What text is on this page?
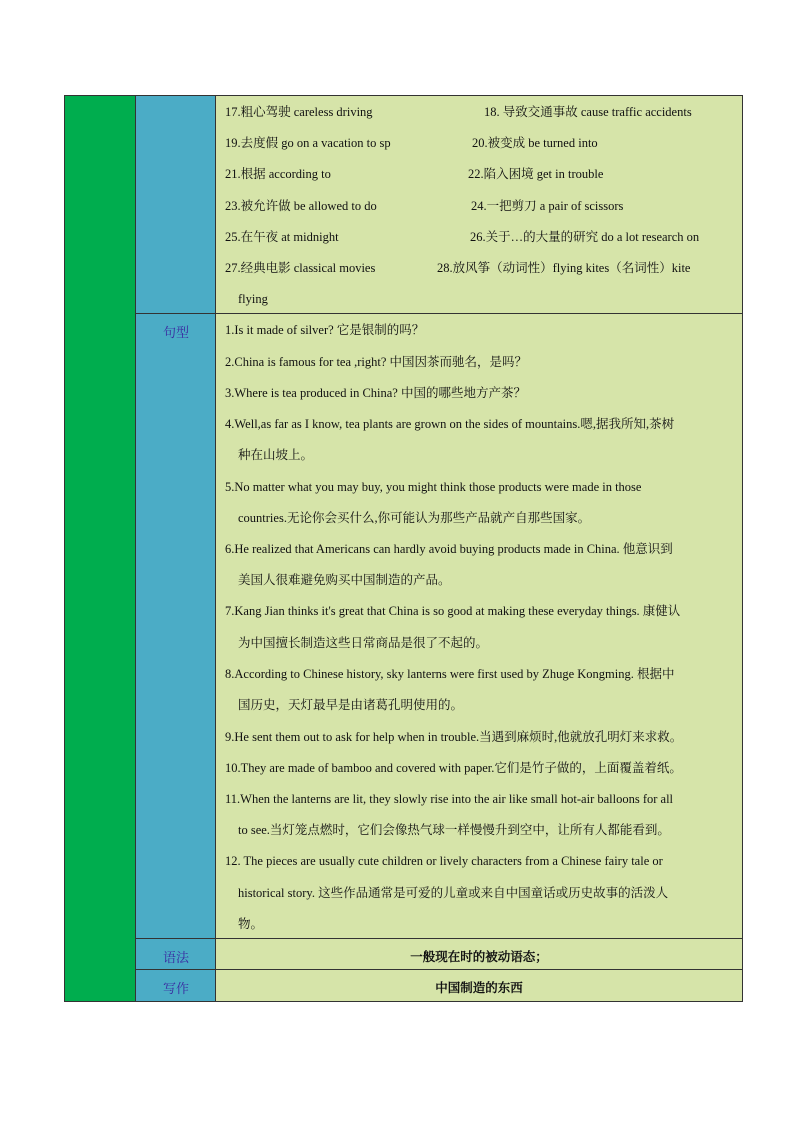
17.粗心驾驶 careless driving	18. 导致交通事故 cause traffic accidents
19.去度假 go on a vacation to sp	20.被变成 be turned into
21.根据 according to	22.陷入困境 get in trouble
23.被允许做 be allowed to do	24.一把剪刀 a pair of scissors
25.在午夜 at midnight	26.关于…的大量的研究 do a lot research on
27.经典电影 classical movies	28.放风筝（动词性）flying kites（名词性）kite
flying
句型	1.Is it made of silver? 它是银制的吗？
2.China is famous for tea ,right? 中国因茶而驰名，是吗？
3.Where is tea produced in China? 中国的哪些地方产茶？
4.Well,as far as I know, tea plants are grown on the sides of mountains.嗯,据我所知,茶树
种在山坡上。
5.No matter what you may buy, you might think those products were made in those
countries.无论你会买什么,你可能认为那些产品就产自那些国家。
6.He realized that Americans can hardly avoid buying products made in China. 他意识到
美国人很难避免购买中国制造的产品。
7.Kang Jian thinks it's great that China is so good at making these everyday things. 康健认
为中国擅长制造这些日常商品是很了不起的。
8.According to Chinese history, sky lanterns were first used by Zhuge Kongming. 根据中
国历史，天灯最早是由诸葛孔明使用的。
9.He sent them out to ask for help when in trouble.当遇到麻烦时,他就放孔明灯来求救。
10.They are made of bamboo and covered with paper.它们是竹子做的，上面覆盖着纸。
11.When the lanterns are lit, they slowly rise into the air like small hot-air balloons for all
to see.当灯笼点燃时，它们会像热气球一样慢慢升到空中，让所有人都能看到。
12. The pieces are usually cute children or lively characters from a Chinese fairy tale or
historical story. 这些作品通常是可爱的儿童或来自中国童话或历史故事的活泼人
物。
语法	一般现在时的被动语态；
写作	中国制造的东西
